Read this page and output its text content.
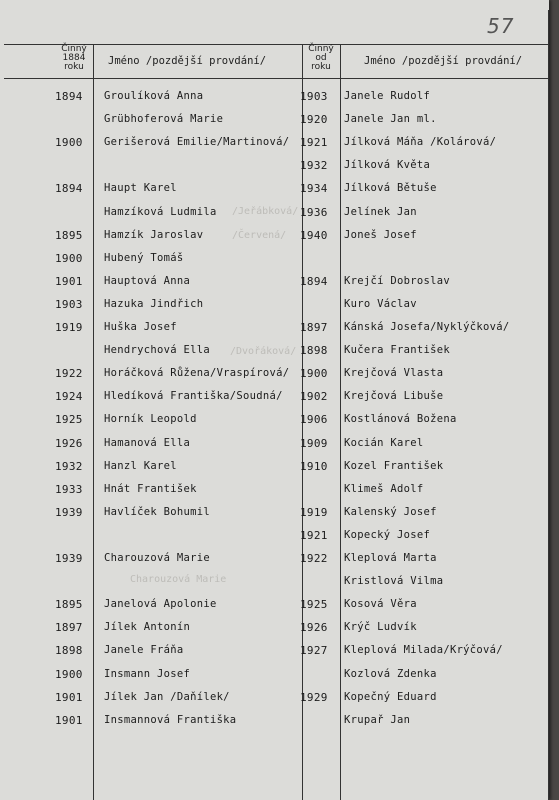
57
Činný
1884
roku	Jméno /pozdější provdání/
Činný
od
roku	Jméno /pozdější provdání/
/Jeřábková/
/Červená/
/Dvořáková/
Charouzová Marie
1894 Groulíková Anna
Grübhoferová Marie
1900 Gerišerová Emilie/Martinová/
1894 Haupt Karel
Hamzíková Ludmila
1895 Hamzík Jaroslav
1900 Hubený Tomáš
1901 Hauptová Anna
1903 Hazuka Jindřich
1919 Huška Josef
Hendrychová Ella
1922 Horáčková Růžena/Vraspírová/
1924 Hledíková Františka/Soudná/
1925 Horník Leopold
1926 Hamanová Ella
1932 Hanzl Karel
1933 Hnát František
1939 Havlíček Bohumil
1939 Charouzová Marie
1895 Janelová Apolonie
1897 Jílek Antonín
1898 Janele Fráňa
1900 Insmann Josef
1901 Jílek Jan /Daňílek/
1901 Insmannová Františka
1903 Janele Rudolf
1920 Janele Jan ml.
1921 Jílková Máňa /Kolárová/
1932 Jílková Květa
1934 Jílková Bětuše
1936 Jelínek Jan
1940 Joneš Josef
1894 Krejčí Dobroslav
Kuro Václav
1897 Kánská Josefa/Nyklýčková/
1898 Kučera František
1900 Krejčová Vlasta
1902 Krejčová Libuše
1906 Kostlánová Božena
1909 Kocián Karel
1910 Kozel František
Klimeš Adolf
1919 Kalenský Josef
1921 Kopecký Josef
1922 Kleplová Marta
Kristlová Vilma
1925 Kosová Věra
1926 Krýč Ludvík
1927 Kleplová Milada/Krýčová/
Kozlová Zdenka
1929 Kopečný Eduard
Krupař Jan
